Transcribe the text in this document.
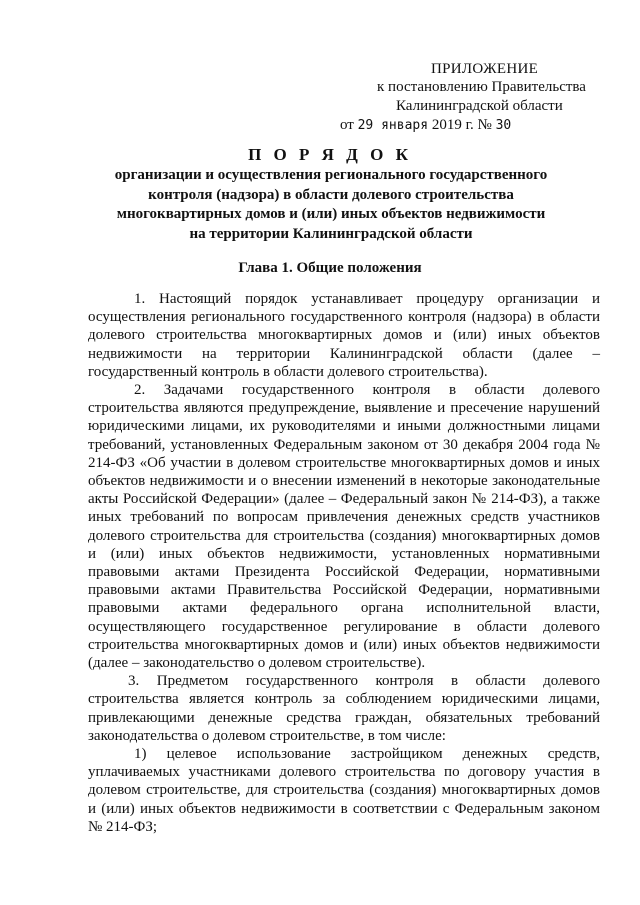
ПРИЛОЖЕНИЕ
к постановлению Правительства
Калининградской области
от 29 января 2019 г. № 30
П О Р Я Д О К
организации и осуществления регионального государственного контроля (надзора) в области долевого строительства многоквартирных домов и (или) иных объектов недвижимости на территории Калининградской области
Глава 1. Общие положения

1. Настоящий порядок устанавливает процедуру организации и осуществления регионального государственного контроля (надзора) в области долевого строительства многоквартирных домов и (или) иных объектов недвижимости на территории Калининградской области (далее – государственный контроль в области долевого строительства).

2. Задачами государственного контроля в области долевого строительства являются предупреждение, выявление и пресечение нарушений юридическими лицами, их руководителями и иными должностными лицами требований, установленных Федеральным законом от 30 декабря 2004 года № 214-ФЗ «Об участии в долевом строительстве многоквартирных домов и иных объектов недвижимости и о внесении изменений в некоторые законодательные акты Российской Федерации» (далее – Федеральный закон № 214-ФЗ), а также иных требований по вопросам привлечения денежных средств участников долевого строительства для строительства (создания) многоквартирных домов и (или) иных объектов недвижимости, установленных нормативными правовыми актами Президента Российской Федерации, нормативными правовыми актами Правительства Российской Федерации, нормативными правовыми актами федерального органа исполнительной власти, осуществляющего государственное регулирование в области долевого строительства многоквартирных домов и (или) иных объектов недвижимости (далее – законодательство о долевом строительстве).

3. Предметом государственного контроля в области долевого строительства является контроль за соблюдением юридическими лицами, привлекающими денежные средства граждан, обязательных требований законодательства о долевом строительстве, в том числе:

1) целевое использование застройщиком денежных средств, уплачиваемых участниками долевого строительства по договору участия в долевом строительстве, для строительства (создания) многоквартирных домов и (или) иных объектов недвижимости в соответствии с Федеральным законом № 214-ФЗ;
